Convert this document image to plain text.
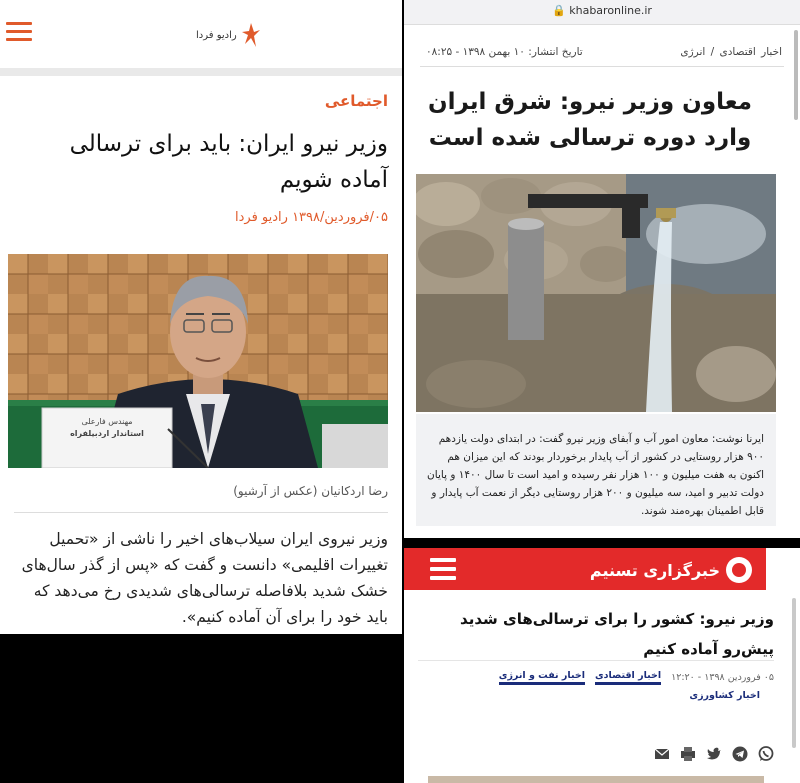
رادیو فردا
اجتماعی
وزیر نیرو ایران: باید برای ترسالی آماده شویم
۰۵/فروردین/۱۳۹۸ رادیو فردا
مهندس فارعلی
استاندار اردبیلفراه
رضا اردکانیان (عکس از آرشیو)
وزیر نیروی ایران سیلاب‌های اخیر را ناشی از «تحمیل تغییرات اقلیمی» دانست و گفت که «پس از گذر سال‌های خشک شدید بلافاصله ترسالی‌های شدیدی رخ می‌دهد که باید خود را برای آن آماده کنیم».
🔒 khabaronline.ir
اخبار اقتصادی / انرژی
تاریخ انتشار: ۱۰ بهمن ۱۳۹۸ - ۰۸:۲۵
معاون وزیر نیرو: شرق ایران وارد دوره ترسالی شده است
ایرنا نوشت: معاون امور آب و آبفای وزیر نیرو گفت: در ابتدای دولت یازدهم ۹۰۰ هزار روستایی در کشور از آب پایدار برخوردار بودند که این میزان هم اکنون به هفت میلیون و ۱۰۰ هزار نفر رسیده و امید است تا سال ۱۴۰۰ و پایان دولت تدبیر و امید، سه میلیون و ۲۰۰ هزار روستایی دیگر از نعمت آب پایدار و قابل اطمینان بهره‌مند شوند.
خبرگزاری تسنیم
وزیر نیرو: کشور را برای ترسالی‌های شدید پیش‌رو آماده کنیم
۰۵ فروردین ۱۳۹۸ - ۱۲:۲۰
اخبار اقتصادی
اخبار نفت و انرژی
اخبار کشاورزی
